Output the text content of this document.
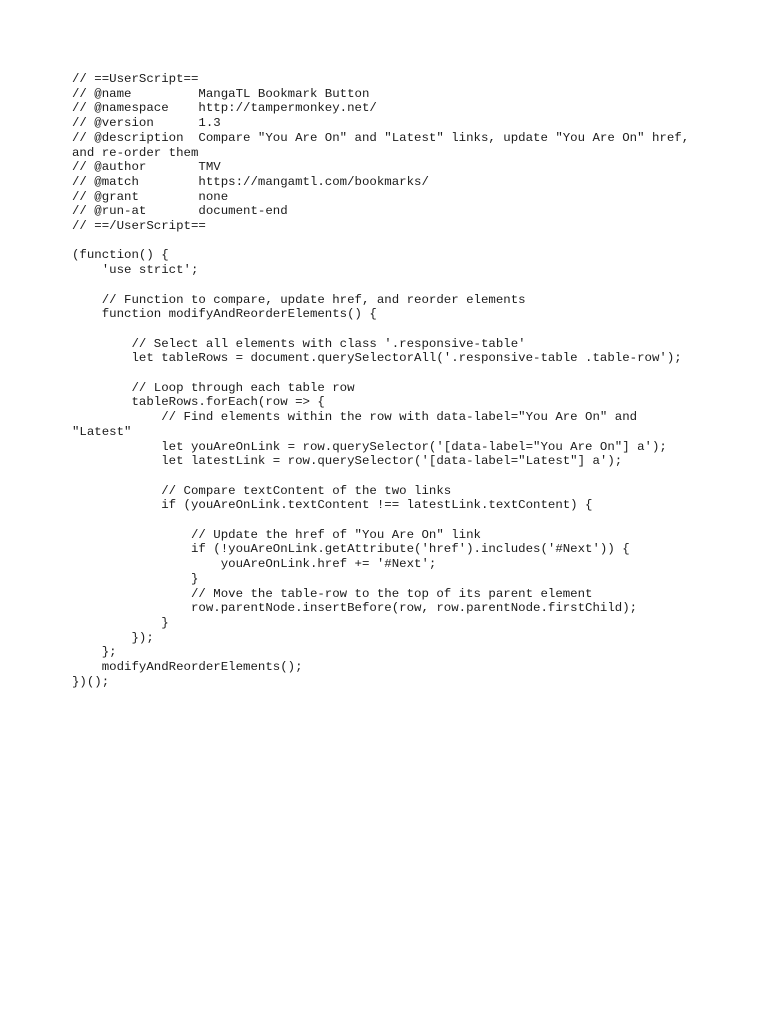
// ==UserScript==
// @name         MangaTL Bookmark Button
// @namespace    http://tampermonkey.net/
// @version      1.3
// @description  Compare "You Are On" and "Latest" links, update "You Are On" href,
and re-order them
// @author       TMV
// @match        https://mangamtl.com/bookmarks/
// @grant        none
// @run-at       document-end
// ==/UserScript==
(function() {
'use strict';
// Function to compare, update href, and reorder elements
function modifyAndReorderElements() {
// Select all elements with class '.responsive-table'
let tableRows = document.querySelectorAll('.responsive-table .table-row');
// Loop through each table row
tableRows.forEach(row => {
// Find elements within the row with data-label="You Are On" and
"Latest"
let youAreOnLink = row.querySelector('[data-label="You Are On"] a');
let latestLink = row.querySelector('[data-label="Latest"] a');
// Compare textContent of the two links
if (youAreOnLink.textContent !== latestLink.textContent) {
// Update the href of "You Are On" link
if (!youAreOnLink.getAttribute('href').includes('#Next')) {
youAreOnLink.href += '#Next';
}
// Move the table-row to the top of its parent element
row.parentNode.insertBefore(row, row.parentNode.firstChild);
}
});
};
modifyAndReorderElements();
})();
